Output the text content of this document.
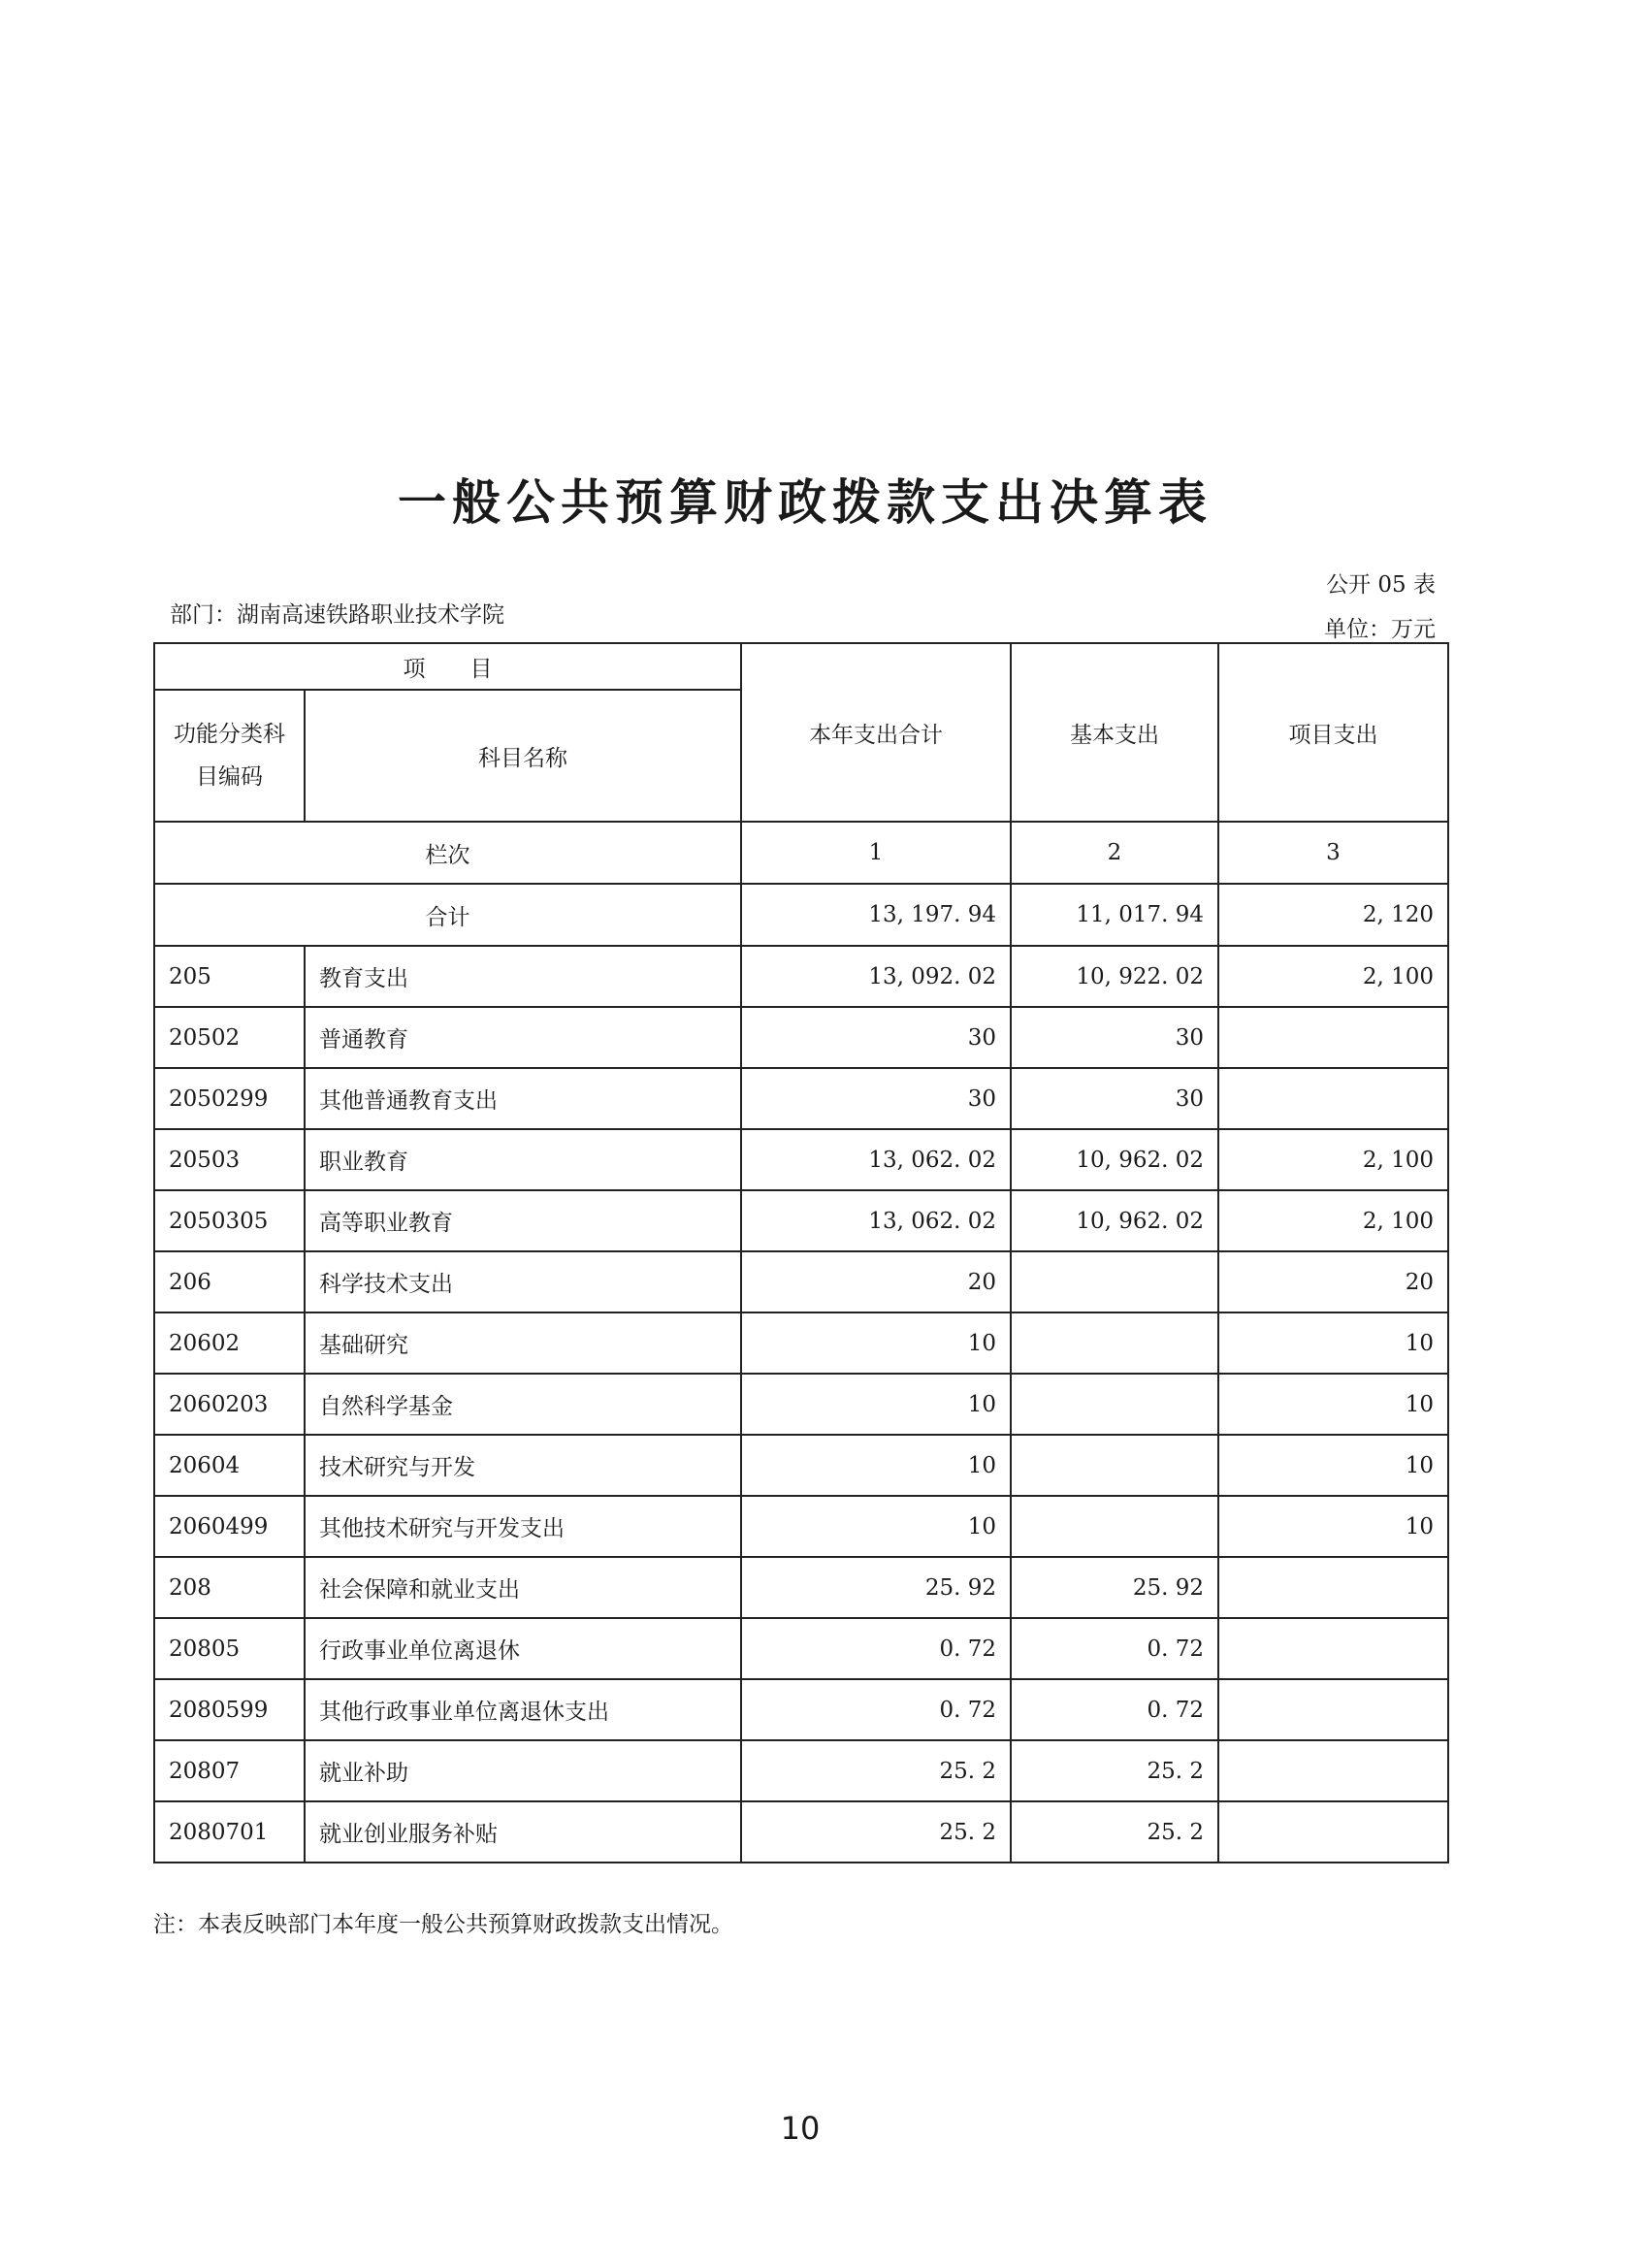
一般公共预算财政拨款支出决算表
公开 05 表
部门：湖南高速铁路职业技术学院
单位：万元
项　　目		本年支出合计	基本支出	项目支出
功能分类科目编码	科目名称			
栏次		1	2	3
合计		13, 197. 94	11, 017. 94	2, 120
205	教育支出	13, 092. 02	10, 922. 02	2, 100
20502	普通教育	30	30	
2050299	其他普通教育支出	30	30	
20503	职业教育	13, 062. 02	10, 962. 02	2, 100
2050305	高等职业教育	13, 062. 02	10, 962. 02	2, 100
206	科学技术支出	20		20
20602	基础研究	10		10
2060203	自然科学基金	10		10
20604	技术研究与开发	10		10
2060499	其他技术研究与开发支出	10		10
208	社会保障和就业支出	25. 92	25. 92	
20805	行政事业单位离退休	0. 72	0. 72	
2080599	其他行政事业单位离退休支出	0. 72	0. 72	
20807	就业补助	25. 2	25. 2	
2080701	就业创业服务补贴	25. 2	25. 2	
注：本表反映部门本年度一般公共预算财政拨款支出情况。
10
